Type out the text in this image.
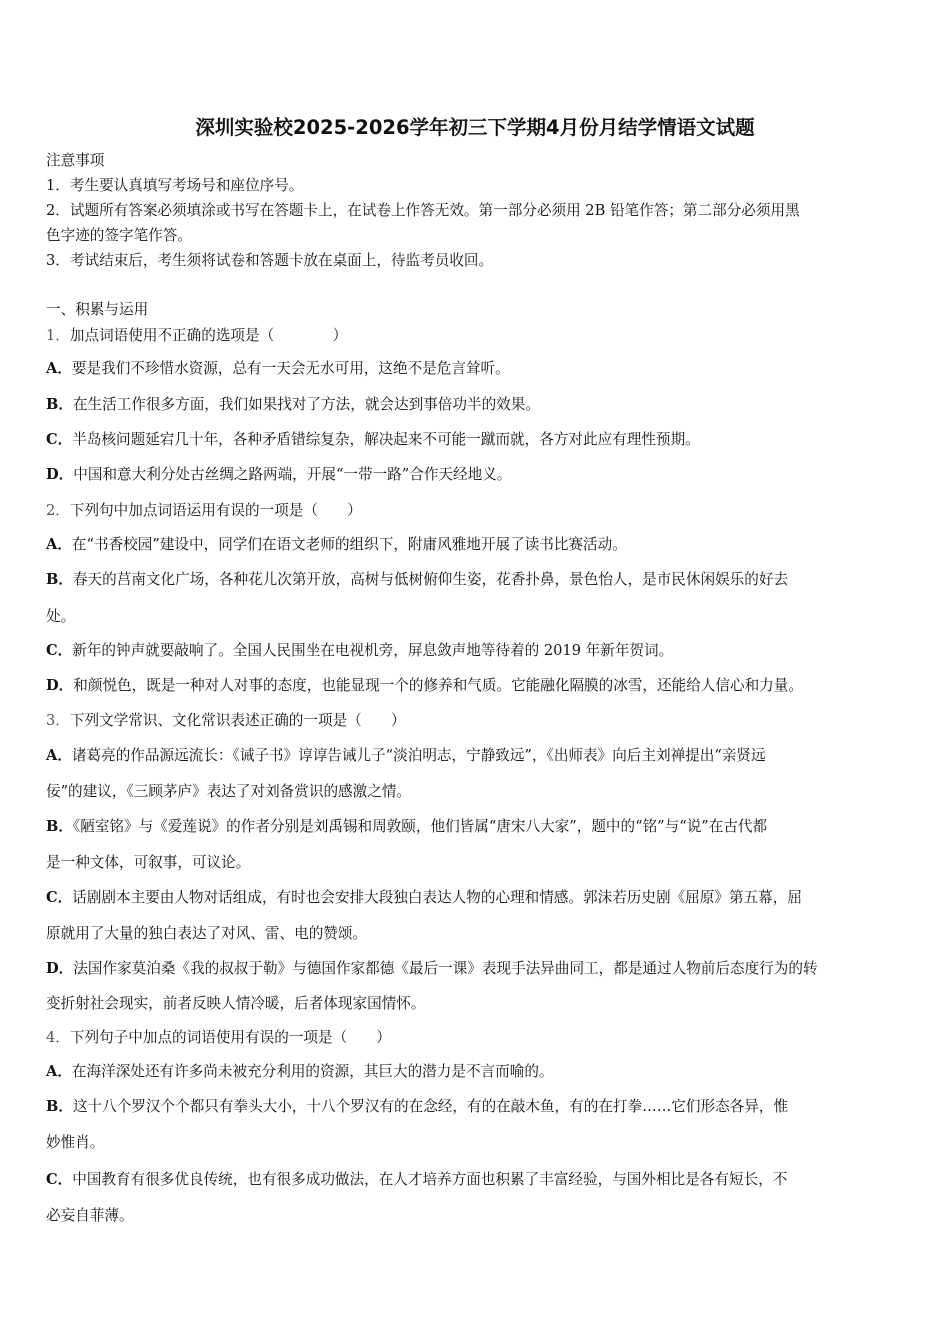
深圳实验校2025-2026学年初三下学期4月份月结学情语文试题
注意事项
1．考生要认真填写考场号和座位序号。
2．试题所有答案必须填涂或书写在答题卡上，在试卷上作答无效。第一部分必须用 2B 铅笔作答；第二部分必须用黑
色字迹的签字笔作答。
3．考试结束后，考生须将试卷和答题卡放在桌面上，待监考员收回。
一、积累与运用
1．加点词语使用不正确的选项是（　　　　）
A．要是我们不珍惜水资源，总有一天会无水可用，这绝不是危言耸听。
B．在生活工作很多方面，我们如果找对了方法，就会达到事倍功半的效果。
C．半岛核问题延宕几十年，各种矛盾错综复杂，解决起来不可能一蹴而就，各方对此应有理性预期。
D．中国和意大利分处古丝绸之路两端，开展“一带一路”合作天经地义。
2．下列句中加点词语运用有误的一项是（　　）
A．在“书香校园”建设中，同学们在语文老师的组织下，附庸风雅地开展了读书比赛活动。
B．春天的莒南文化广场，各种花儿次第开放，高树与低树俯仰生姿，花香扑鼻，景色怡人，是市民休闲娱乐的好去
处。
C．新年的钟声就要敲响了。全国人民围坐在电视机旁，屏息敛声地等待着的 2019 年新年贺词。
D．和颜悦色，既是一种对人对事的态度，也能显现一个的修养和气质。它能融化隔膜的冰雪，还能给人信心和力量。
3．下列文学常识、文化常识表述正确的一项是（　　）
A．诸葛亮的作品源远流长：《诫子书》谆谆告诫儿子“淡泊明志，宁静致远”，《出师表》向后主刘禅提出“亲贤远
佞”的建议，《三顾茅庐》表达了对刘备赏识的感激之情。
B．《陋室铭》与《爱莲说》的作者分别是刘禹锡和周敦颐，他们皆属“唐宋八大家”，题中的“铭”与“说”在古代都
是一种文体，可叙事，可议论。
C．话剧剧本主要由人物对话组成，有时也会安排大段独白表达人物的心理和情感。郭沫若历史剧《屈原》第五幕，屈
原就用了大量的独白表达了对风、雷、电的赞颂。
D．法国作家莫泊桑《我的叔叔于勒》与德国作家都德《最后一课》表现手法异曲同工，都是通过人物前后态度行为的转
变折射社会现实，前者反映人情冷暖，后者体现家国情怀。
4．下列句子中加点的词语使用有误的一项是（　　）
A．在海洋深处还有许多尚未被充分利用的资源，其巨大的潜力是不言而喻的。
B．这十八个罗汉个个都只有拳头大小，十八个罗汉有的在念经，有的在敲木鱼，有的在打拳……它们形态各异，惟
妙惟肖。
C．中国教育有很多优良传统，也有很多成功做法，在人才培养方面也积累了丰富经验，与国外相比是各有短长，不
必妄自菲薄。
